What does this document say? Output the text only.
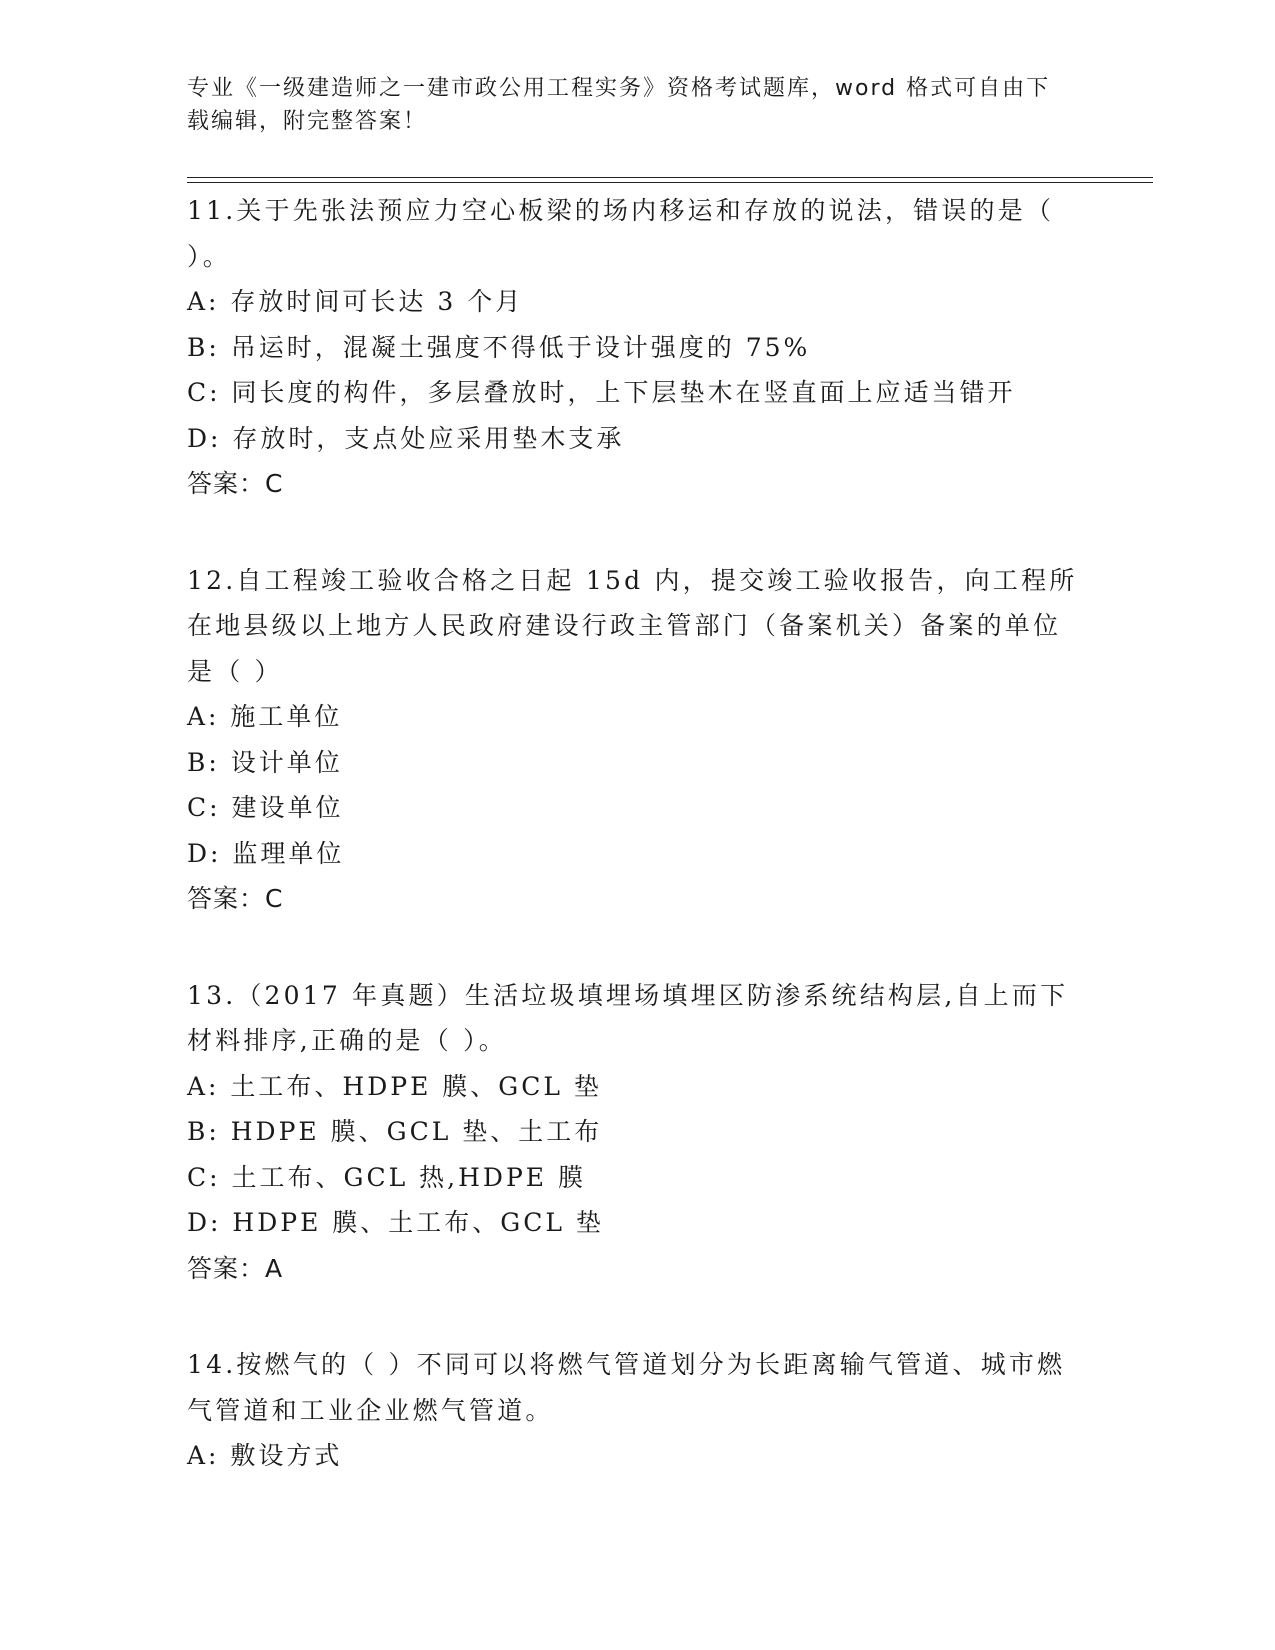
专业《一级建造师之一建市政公用工程实务》资格考试题库，word 格式可自由下载编辑，附完整答案！
11.关于先张法预应力空心板梁的场内移运和存放的说法，错误的是（ ）。
A: 存放时间可长达 3 个月
B: 吊运时，混凝土强度不得低于设计强度的 75%
C: 同长度的构件，多层叠放时，上下层垫木在竖直面上应适当错开
D: 存放时，支点处应采用垫木支承
答案：C
12.自工程竣工验收合格之日起 15d 内，提交竣工验收报告，向工程所在地县级以上地方人民政府建设行政主管部门（备案机关）备案的单位是（ ）
A: 施工单位
B: 设计单位
C: 建设单位
D: 监理单位
答案：C
13.（2017 年真题）生活垃圾填埋场填埋区防渗系统结构层,自上而下材料排序,正确的是（ ）。
A: 土工布、HDPE 膜、GCL 垫
B: HDPE 膜、GCL 垫、土工布
C: 土工布、GCL 热,HDPE 膜
D: HDPE 膜、土工布、GCL 垫
答案：A
14.按燃气的（ ）不同可以将燃气管道划分为长距离输气管道、城市燃气管道和工业企业燃气管道。
A: 敷设方式
